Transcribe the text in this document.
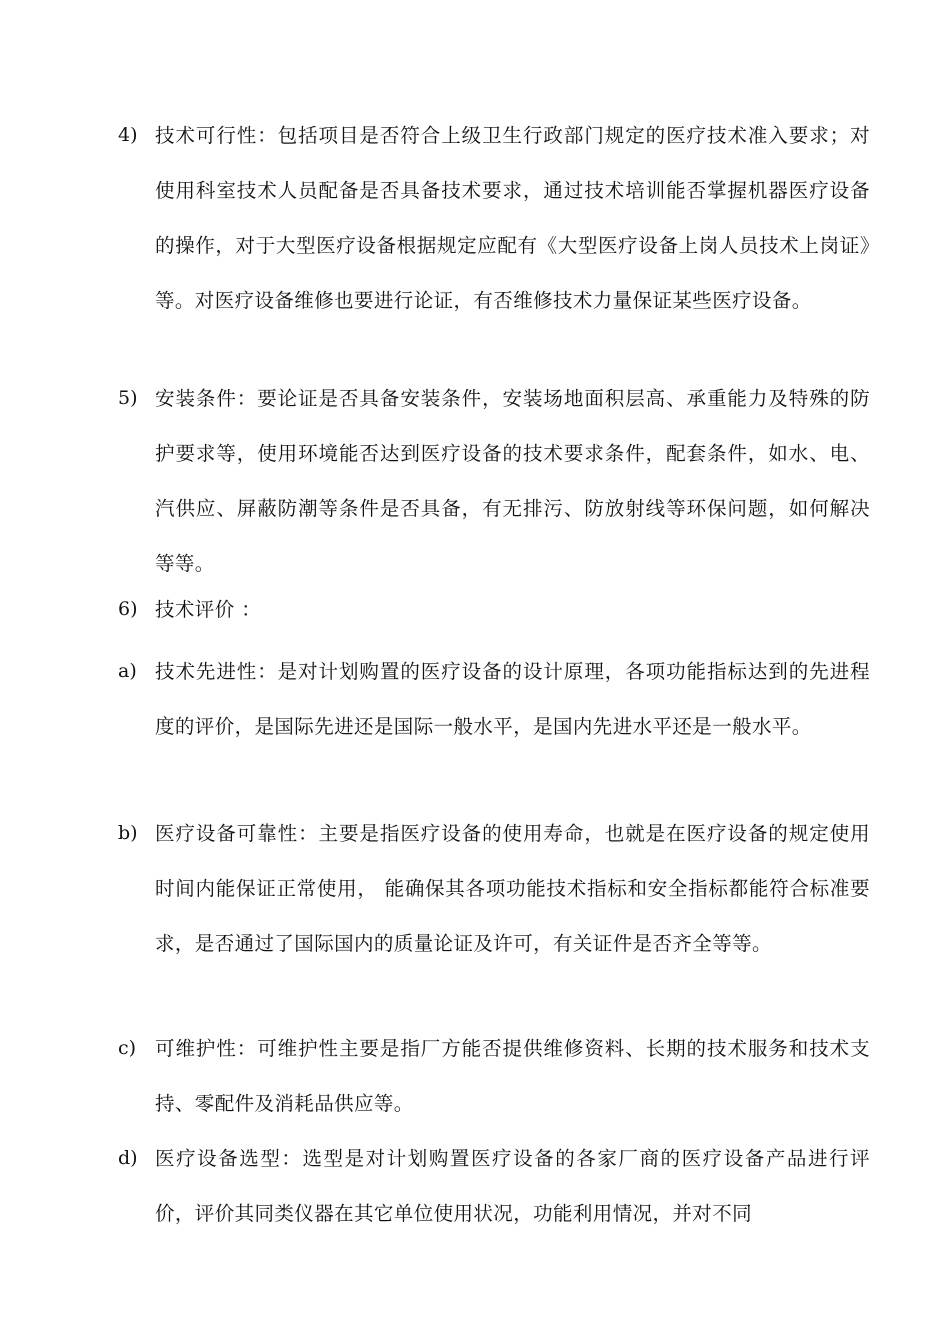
4) 技术可行性：包括项目是否符合上级卫生行政部门规定的医疗技术准入要求；对使用科室技术人员配备是否具备技术要求，通过技术培训能否掌握机器医疗设备的操作，对于大型医疗设备根据规定应配有《大型医疗设备上岗人员技术上岗证》等。对医疗设备维修也要进行论证，有否维修技术力量保证某些医疗设备。
5) 安装条件：要论证是否具备安装条件，安装场地面积层高、承重能力及特殊的防护要求等，使用环境能否达到医疗设备的技术要求条件，配套条件，如水、电、汽供应、屏蔽防潮等条件是否具备，有无排污、防放射线等环保问题，如何解决等等。
6) 技术评价 ：
a) 技术先进性：是对计划购置的医疗设备的设计原理，各项功能指标达到的先进程度的评价，是国际先进还是国际一般水平，是国内先进水平还是一般水平。
b) 医疗设备可靠性：主要是指医疗设备的使用寿命，也就是在医疗设备的规定使用时间内能保证正常使用， 能确保其各项功能技术指标和安全指标都能符合标准要求，是否通过了国际国内的质量论证及许可，有关证件是否齐全等等。
c) 可维护性：可维护性主要是指厂方能否提供维修资料、长期的技术服务和技术支持、零配件及消耗品供应等。
d) 医疗设备选型：选型是对计划购置医疗设备的各家厂商的医疗设备产品进行评价，评价其同类仪器在其它单位使用状况，功能利用情况，并对不同
